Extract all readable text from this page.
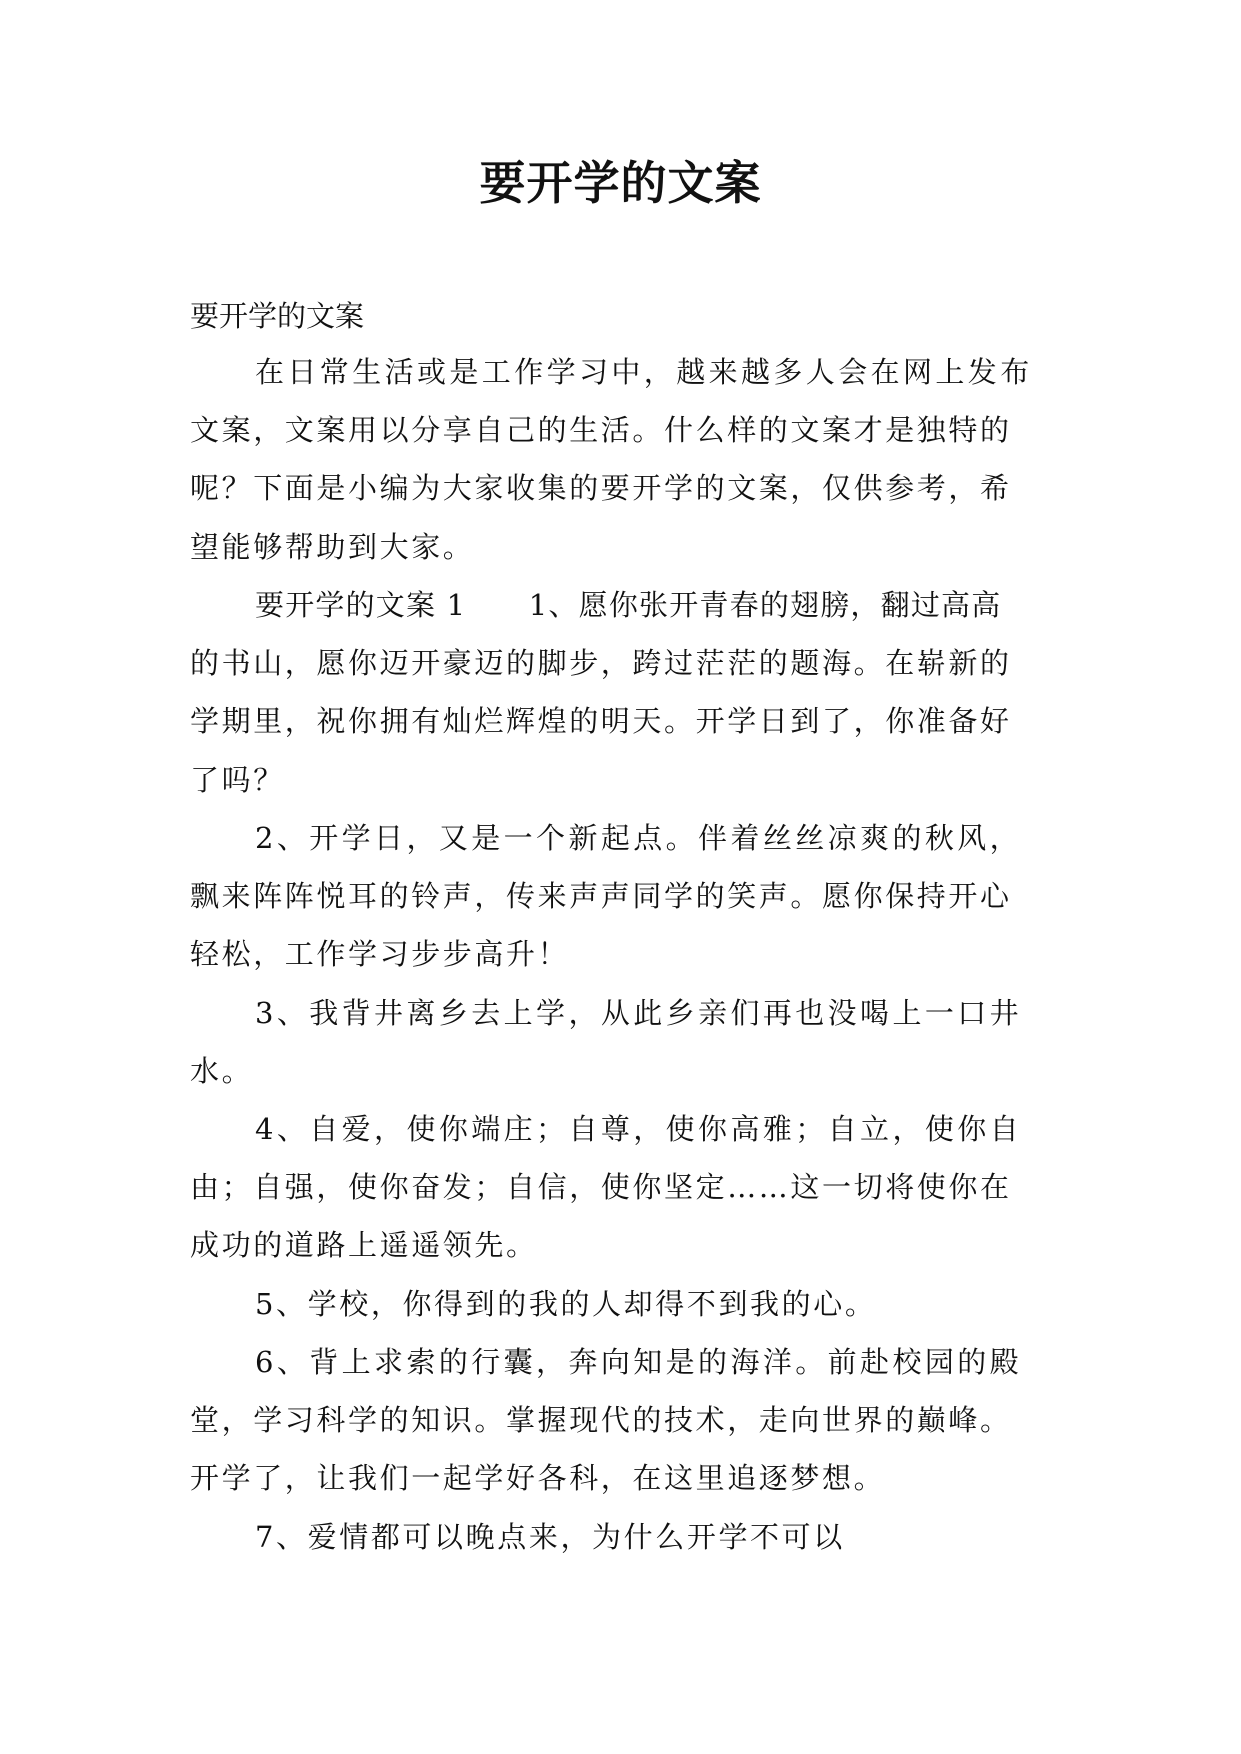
要开学的文案

要开学的文案

在日常生活或是工作学习中，越来越多人会在网上发布

文案，文案用以分享自己的生活。什么样的文案才是独特的

呢？下面是小编为大家收集的要开学的文案，仅供参考，希

望能够帮助到大家。

要开学的文案 1      1、愿你张开青春的翅膀，翻过高高

的书山，愿你迈开豪迈的脚步，跨过茫茫的题海。在崭新的

学期里，祝你拥有灿烂辉煌的明天。开学日到了，你准备好

了吗？

2、开学日，又是一个新起点。伴着丝丝凉爽的秋风，

飘来阵阵悦耳的铃声，传来声声同学的笑声。愿你保持开心

轻松，工作学习步步高升！

3、我背井离乡去上学，从此乡亲们再也没喝上一口井

水。

4、自爱，使你端庄；自尊，使你高雅；自立，使你自

由；自强，使你奋发；自信，使你坚定……这一切将使你在

成功的道路上遥遥领先。

5、学校，你得到的我的人却得不到我的心。

6、背上求索的行囊，奔向知是的海洋。前赴校园的殿

堂，学习科学的知识。掌握现代的技术，走向世界的巅峰。

开学了，让我们一起学好各科，在这里追逐梦想。

7、爱情都可以晚点来，为什么开学不可以
